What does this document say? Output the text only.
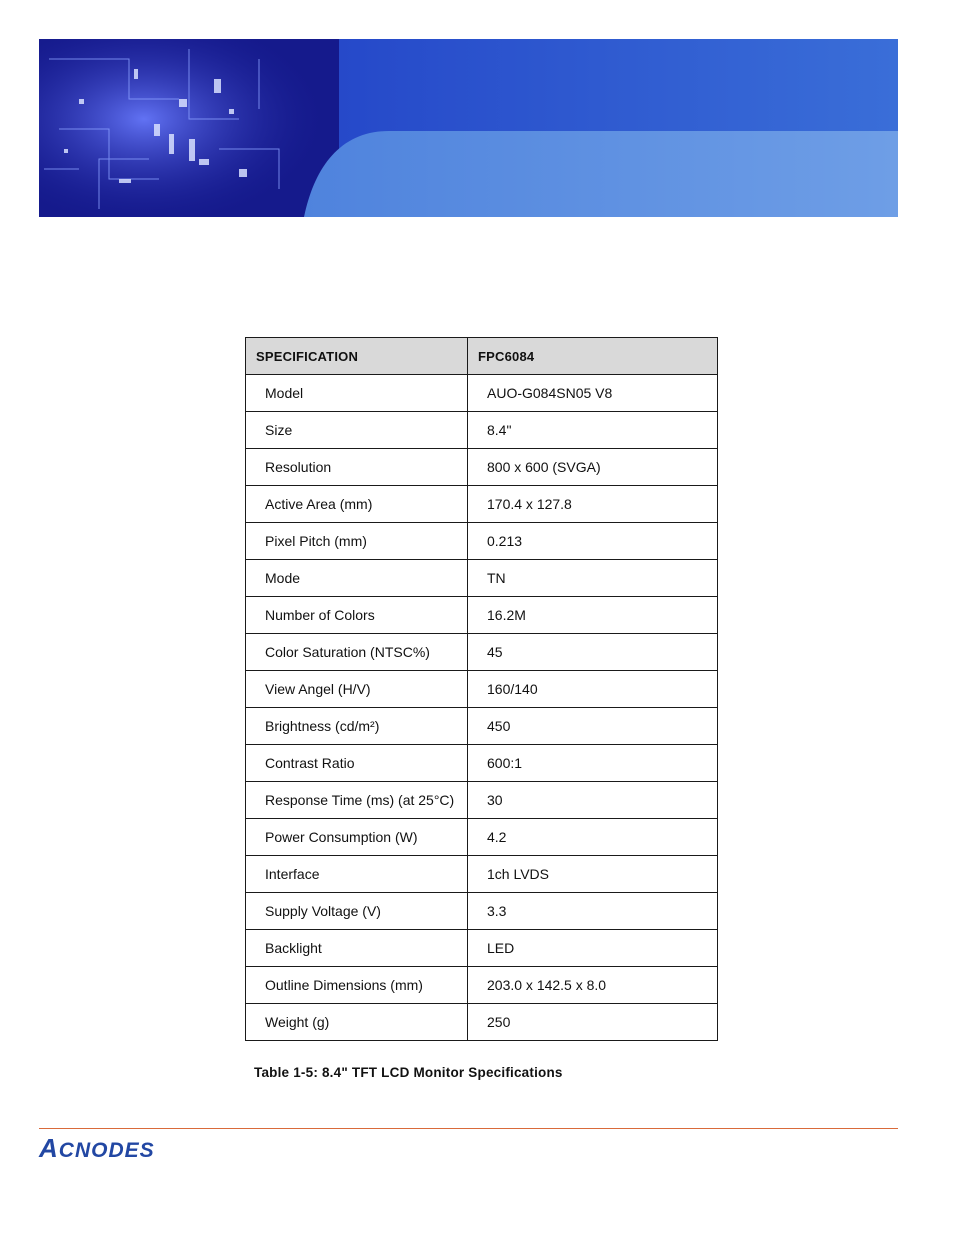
SPECIFICATION	FPC6084
Model	AUO-G084SN05 V8
Size	8.4"
Resolution	800 x 600 (SVGA)
Active Area (mm)	170.4 x 127.8
Pixel Pitch (mm)	0.213
Mode	TN
Number of Colors	16.2M
Color Saturation (NTSC%)	45
View Angel (H/V)	160/140
Brightness (cd/m²)	450
Contrast Ratio	600:1
Response Time (ms) (at 25°C)	30
Power Consumption (W)	4.2
Interface	1ch LVDS
Supply Voltage (V)	3.3
Backlight	LED
Outline Dimensions (mm)	203.0 x 142.5 x 8.0
Weight (g)	250
Table 1-5: 8.4" TFT LCD Monitor Specifications
ACNODES
